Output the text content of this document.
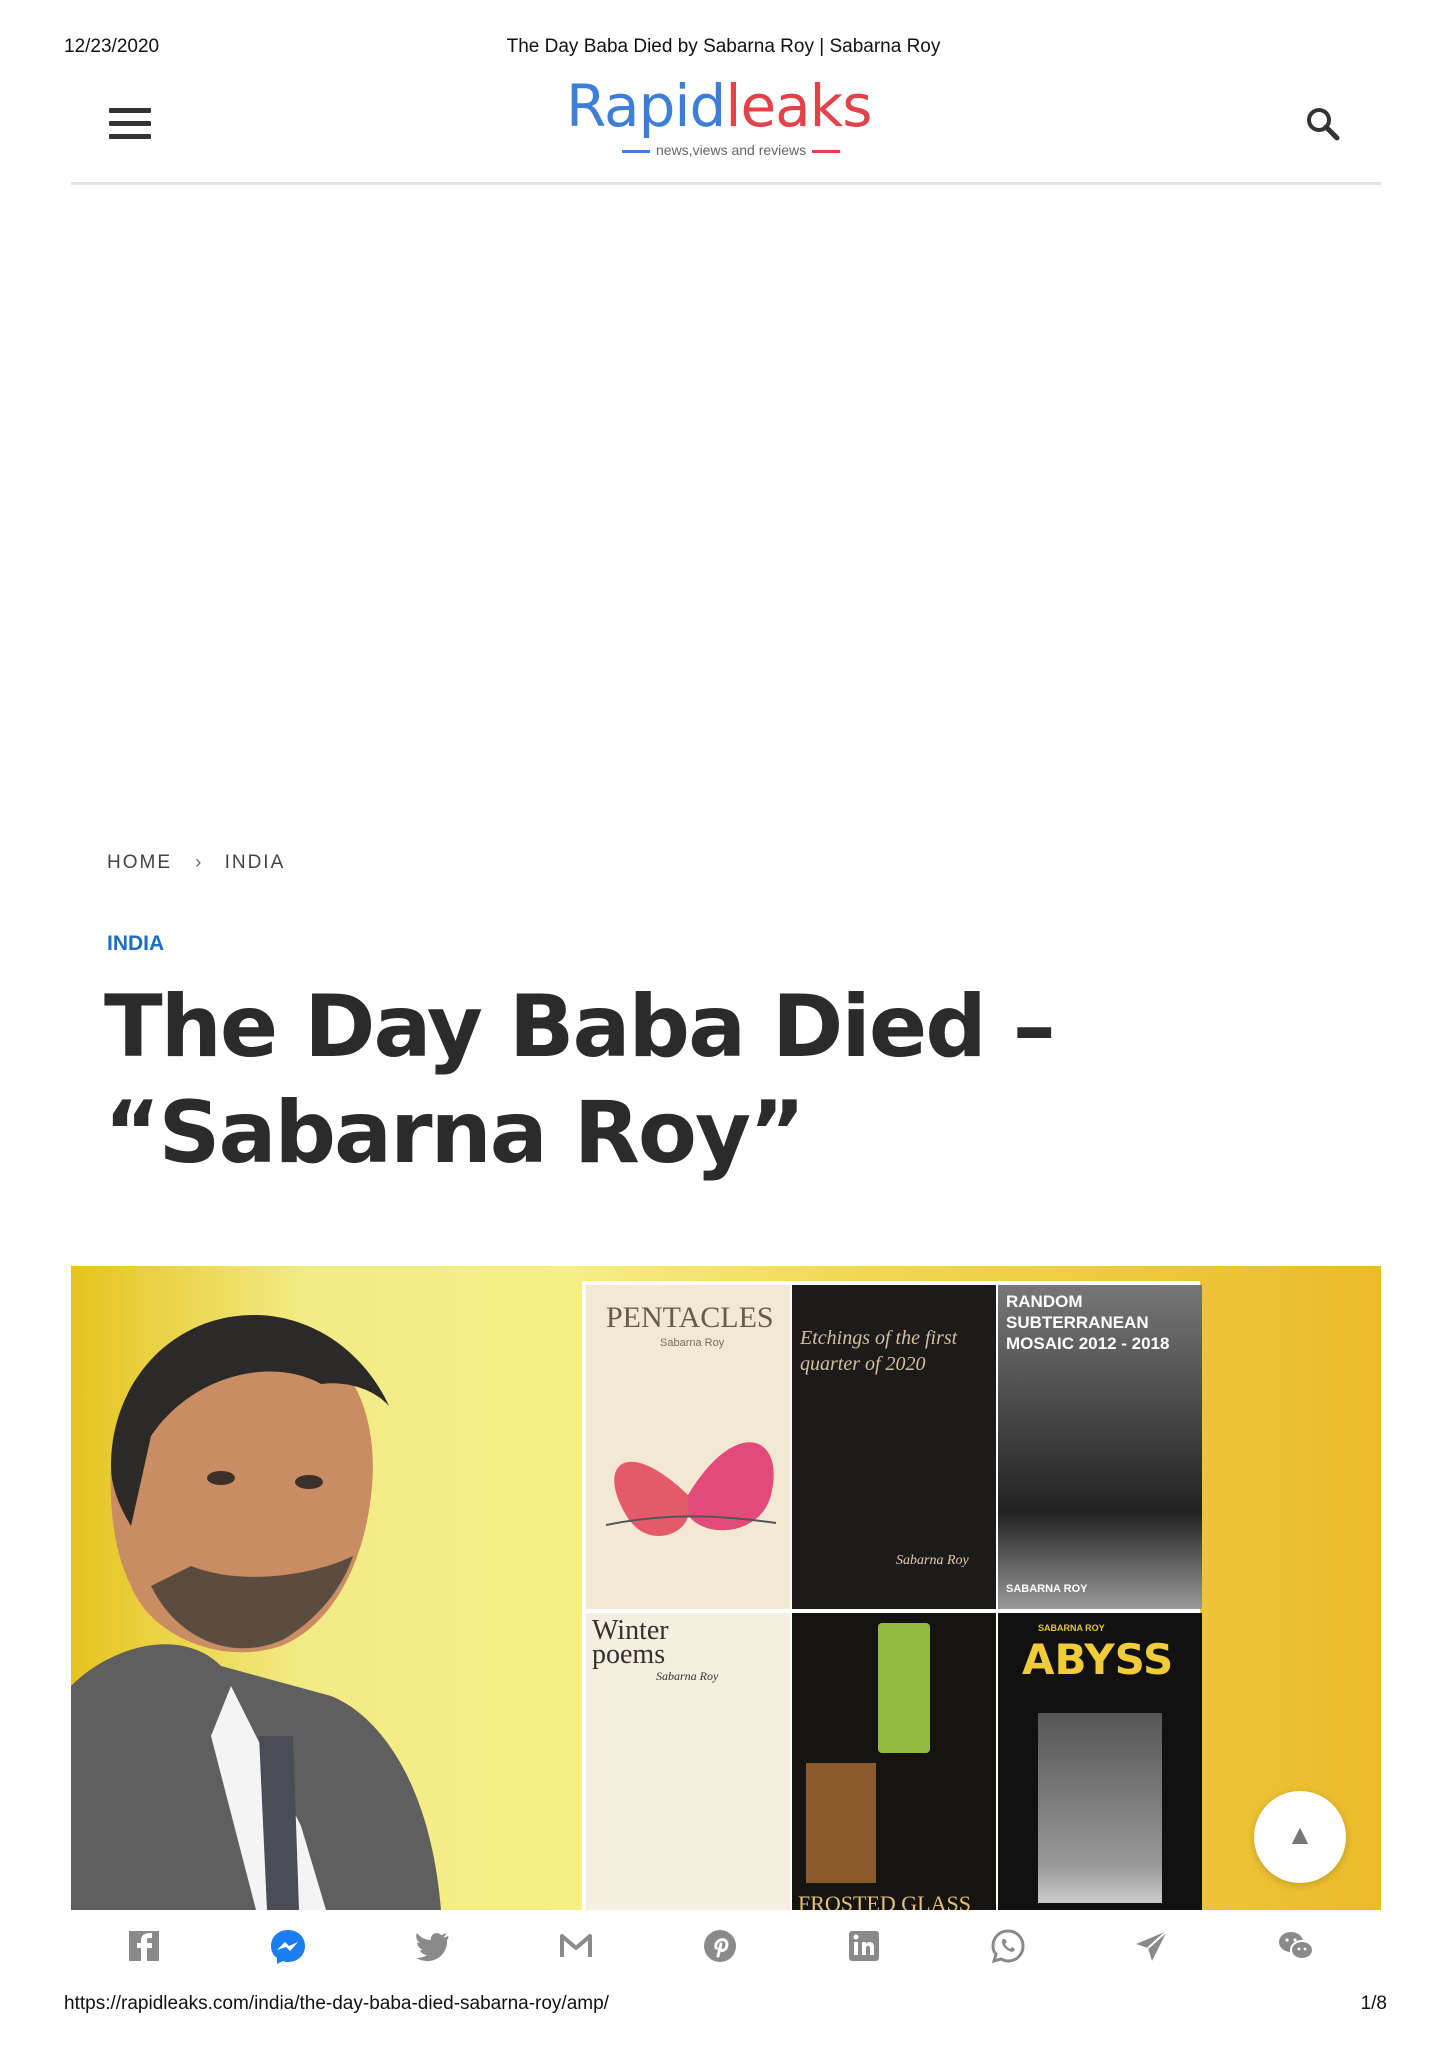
12/23/2020	The Day Baba Died by Sabarna Roy | Sabarna Roy
Rapidleaks
news,views and reviews
HOME › INDIA
INDIA
The Day Baba Died –
“Sabarna Roy”
PENTACLES
Sabarna Roy	Etchings of the first quarter of 2020
Sabarna Roy
RANDOM SUBTERRANEAN MOSAIC 2012 - 2018
SABARNA ROY
Winter poems
Sabarna Roy
FROSTED GLASS
SABARNA ROY
ABYSS
▲
https://rapidleaks.com/india/the-day-baba-died-sabarna-roy/amp/	1/8
